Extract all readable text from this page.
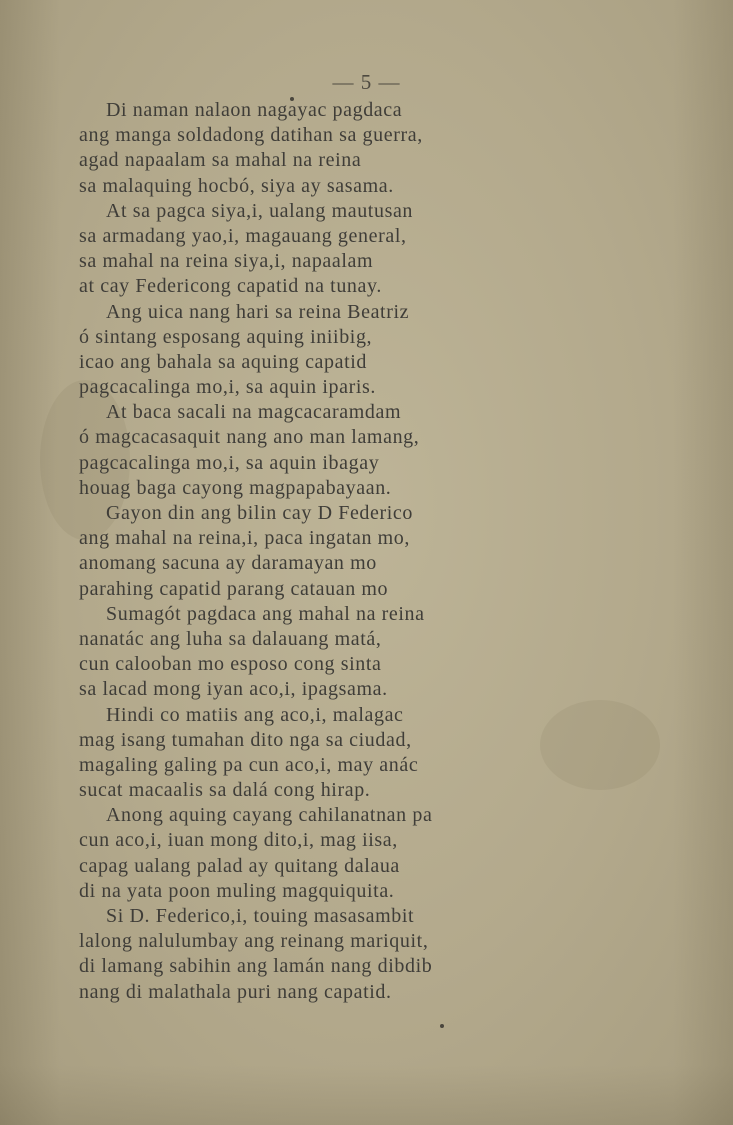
— 5 —
Di naman nalaon nagayac pagdaca
ang manga soldadong datihan sa guerra,
agad napaalam sa mahal na reina
sa malaquing hocbó, siya ay sasama.
At sa pagca siya,i, ualang mautusan
sa armadang yao,i, magauang general,
sa mahal na reina siya,i, napaalam
at cay Federicong capatid na tunay.
Ang uica nang hari sa reina Beatriz
ó sintang esposang aquing iniibig,
icao ang bahala sa aquing capatid
pagcacalinga mo,i, sa aquin iparis.
At baca sacali na magcacaramdam
ó magcacasaquit nang ano man lamang,
pagcacalinga mo,i, sa aquin ibagay
houag baga cayong magpapabayaan.
Gayon din ang bilin cay D Federico
ang mahal na reina,i, paca ingatan mo,
anomang sacuna ay daramayan mo
parahing capatid parang catauan mo
Sumagót pagdaca ang mahal na reina
nanatác ang luha sa dalauang matá,
cun calooban mo esposo cong sinta
sa lacad mong iyan aco,i, ipagsama.
Hindi co matiis ang aco,i, malagac
mag isang tumahan dito nga sa ciudad,
magaling galing pa cun aco,i, may anác
sucat macaalis sa dalá cong hirap.
Anong aquing cayang cahilanatnan pa
cun aco,i, iuan mong dito,i, mag iisa,
capag ualang palad ay quitang dalaua
di na yata poon muling magquiquita.
Si D. Federico,i, touing masasambit
lalong nalulumbay ang reinang mariquit,
di lamang sabihin ang lamán nang dibdib
nang di malathala puri nang capatid.
